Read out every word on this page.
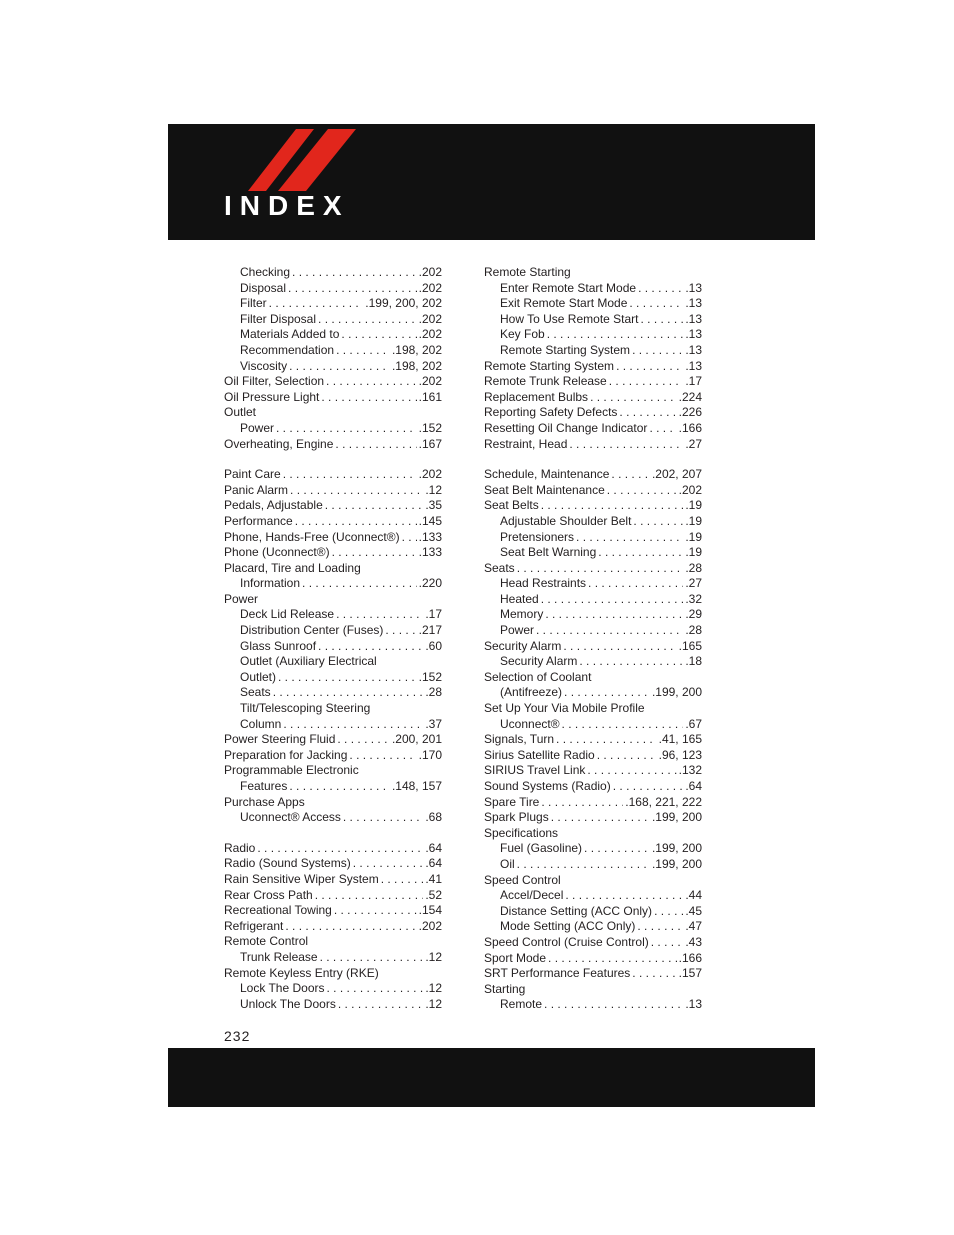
INDEX
Checking . . .	.202
Disposal . . .	.202
Filter . . .	.199, 200, 202
Filter Disposal . . .	.202
Materials Added to . . .	.202
Recommendation . . .	.198, 202
Viscosity . . .	.198, 202
Oil Filter, Selection . . .	.202
Oil Pressure Light . . .	.161
Outlet
Power . . .	.152
Overheating, Engine . . .	.167
Paint Care . . .	.202
Panic Alarm . . .	.12
Pedals, Adjustable . . .	.35
Performance . . .	.145
Phone, Hands-Free (Uconnect®) . . . .133
Phone (Uconnect®) . . .	.133
Placard, Tire and Loading
Information . . .	.220
Power
Deck Lid Release . . .	.17
Distribution Center (Fuses) . . .	.217
Glass Sunroof . . .	.60
Outlet (Auxiliary Electrical
Outlet) . . .	.152
Seats . . .	.28
Tilt/Telescoping Steering
Column . . .	.37
Power Steering Fluid . . .	.200, 201
Preparation for Jacking . . .	.170
Programmable Electronic
Features . . .	.148, 157
Purchase Apps
Uconnect® Access . . .	.68
Radio . . .	.64
Radio (Sound Systems) . . .	.64
Rain Sensitive Wiper System . . .	.41
Rear Cross Path . . .	.52
Recreational Towing . . .	.154
Refrigerant . . .	.202
Remote Control
Trunk Release . . .	.12
Remote Keyless Entry (RKE)
Lock The Doors . . .	.12
Unlock The Doors . . .	.12
Remote Starting
Enter Remote Start Mode . . .	.13
Exit Remote Start Mode . . .	.13
How To Use Remote Start . . .	.13
Key Fob . . .	.13
Remote Starting System . . .	.13
Remote Starting System . . .	.13
Remote Trunk Release . . .	.17
Replacement Bulbs . . .	.224
Reporting Safety Defects . . .	.226
Resetting Oil Change Indicator . . .	.166
Restraint, Head . . .	.27
Schedule, Maintenance . . .	.202, 207
Seat Belt Maintenance . . .	.202
Seat Belts . . .	.19
Adjustable Shoulder Belt . . .	.19
Pretensioners . . .	.19
Seat Belt Warning . . .	.19
Seats . . .	.28
Head Restraints . . .	.27
Heated . . .	.32
Memory . . .	.29
Power . . .	.28
Security Alarm . . .	.165
Security Alarm . . .	.18
Selection of Coolant
(Antifreeze) . . .	.199, 200
Set Up Your Via Mobile Profile
Uconnect® . . .	.67
Signals, Turn . . .	.41, 165
Sirius Satellite Radio . . .	.96, 123
SIRIUS Travel Link . . .	.132
Sound Systems (Radio) . . .	.64
Spare Tire . . .	.168, 221, 222
Spark Plugs . . .	.199, 200
Specifications
Fuel (Gasoline) . . .	.199, 200
Oil . . .	.199, 200
Speed Control
Accel/Decel . . .	.44
Distance Setting (ACC Only) . . .	.45
Mode Setting (ACC Only) . . .	.47
Speed Control (Cruise Control) . . .	.43
Sport Mode . . .	.166
SRT Performance Features . . .	.157
Starting
Remote . . .	.13
232
